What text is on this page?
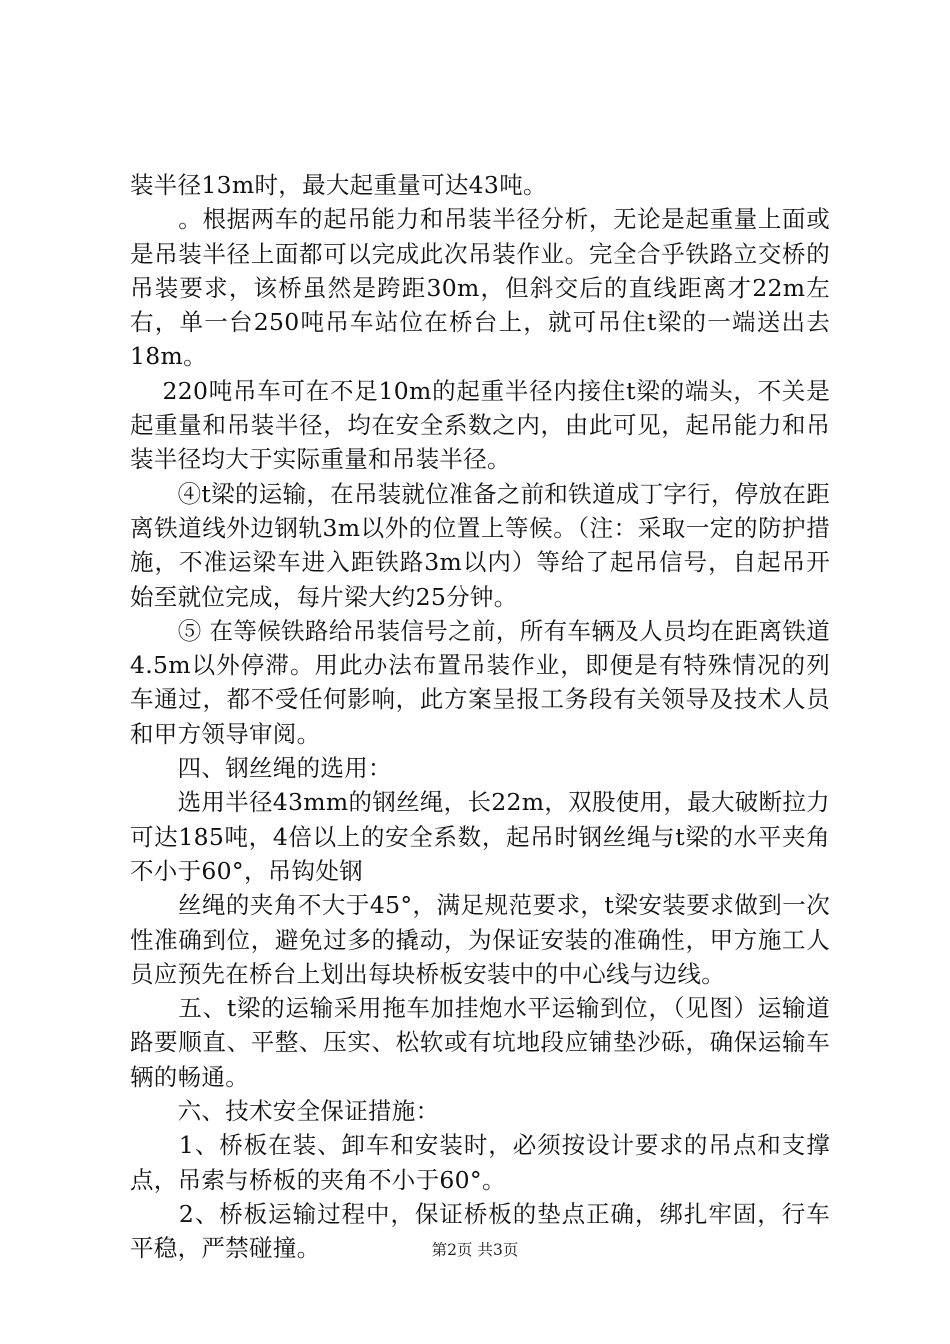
装半径13m时，最大起重量可达43吨。

　　。根据两车的起吊能力和吊装半径分析，无论是起重量上面或是吊装半径上面都可以完成此次吊装作业。完全合乎铁路立交桥的吊装要求，该桥虽然是跨距30m，但斜交后的直线距离才22m左右，单一台250吨吊车站位在桥台上，就可吊住t梁的一端送出去18m。

　 220吨吊车可在不足10m的起重半径内接住t梁的端头，不关是起重量和吊装半径，均在安全系数之内，由此可见，起吊能力和吊装半径均大于实际重量和吊装半径。

　　④t梁的运输，在吊装就位准备之前和铁道成丁字行，停放在距离铁道线外边钢轨3m以外的位置上等候。（注：采取一定的防护措施，不准运梁车进入距铁路3m以内）等给了起吊信号，自起吊开始至就位完成，每片梁大约25分钟。

　　⑤ 在等候铁路给吊装信号之前，所有车辆及人员均在距离铁道4.5m以外停滞。用此办法布置吊装作业，即便是有特殊情况的列车通过，都不受任何影响，此方案呈报工务段有关领导及技术人员和甲方领导审阅。

　　四、钢丝绳的选用：

　　选用半径43mm的钢丝绳，长22m，双股使用，最大破断拉力可达185吨，4倍以上的安全系数，起吊时钢丝绳与t梁的水平夹角不小于60°，吊钩处钢

　　丝绳的夹角不大于45°，满足规范要求，t梁安装要求做到一次性准确到位，避免过多的撬动，为保证安装的准确性，甲方施工人员应预先在桥台上划出每块桥板安装中的中心线与边线。

　　五、t梁的运输采用拖车加挂炮水平运输到位，（见图）运输道路要顺直、平整、压实、松软或有坑地段应铺垫沙砾，确保运输车辆的畅通。

　　六、技术安全保证措施：

　　1、桥板在装、卸车和安装时，必须按设计要求的吊点和支撑点，吊索与桥板的夹角不小于60°。

　　2、桥板运输过程中，保证桥板的垫点正确，绑扎牢固，行车平稳，严禁碰撞。	第2页 共3页
